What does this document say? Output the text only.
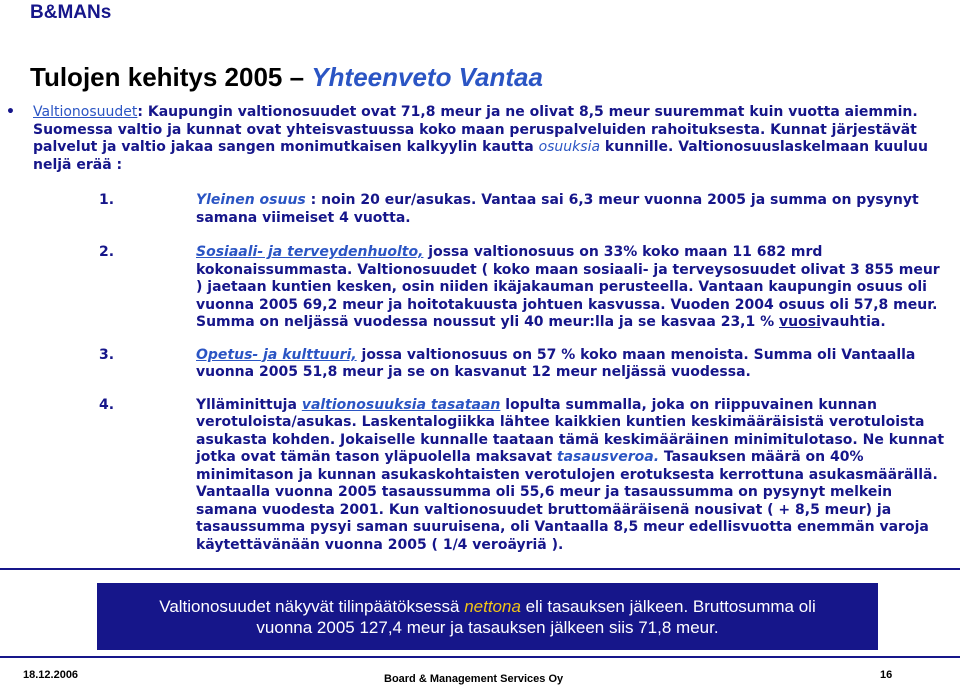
B&MANs
Tulojen kehitys 2005 – Yhteenveto Vantaa
• Valtionosuudet: Kaupungin valtionosuudet ovat 71,8 meur ja ne olivat 8,5 meur suuremmat kuin vuotta aiemmin. Suomessa valtio ja kunnat ovat yhteisvastuussa koko maan peruspalveluiden rahoituksesta. Kunnat järjestävät palvelut ja valtio jakaa sangen monimutkaisen kalkyylin kautta osuuksia kunnille. Valtionosuuslaskelmaan kuuluu neljä erää :

1.	Yleinen osuus : noin 20 eur/asukas. Vantaa sai 6,3 meur vuonna 2005 ja summa on pysynyt samana viimeiset 4 vuotta.

2.	Sosiaali- ja terveydenhuolto, jossa valtionosuus on 33% koko maan 11 682 mrd kokonaissummasta. Valtionosuudet ( koko maan sosiaali- ja terveysosuudet olivat 3 855 meur ) jaetaan kuntien kesken, osin niiden ikäjakauman perusteella. Vantaan kaupungin osuus oli vuonna 2005 69,2 meur ja hoitotakuusta johtuen kasvussa. Vuoden 2004 osuus oli 57,8 meur. Summa on neljässä vuodessa noussut yli 40 meur:lla ja se kasvaa 23,1 % vuosivauhtia.

3.	Opetus- ja kulttuuri, jossa valtionosuus on 57 % koko maan menoista. Summa oli Vantaalla vuonna 2005 51,8 meur ja se on kasvanut 12 meur neljässä vuodessa.

4.	Ylläminittuja valtionosuuksia tasataan lopulta summalla, joka on riippuvainen kunnan verotuloista/asukas. Laskentalogiikka lähtee kaikkien kuntien keskimääräisistä verotuloista asukasta kohden. Jokaiselle kunnalle taataan tämä keskimääräinen minimitulotaso. Ne kunnat jotka ovat tämän tason yläpuolella maksavat tasausveroa. Tasauksen määrä on 40% minimitason ja kunnan asukaskohtaisten verotulojen erotuksesta kerrottuna asukasmäärällä. Vantaalla vuonna 2005 tasaussumma oli 55,6 meur ja tasaussumma on pysynyt melkein samana vuodesta 2001. Kun valtionosuudet bruttomääräisenä nousivat ( + 8,5 meur) ja tasaussumma pysyi saman suuruisena, oli Vantaalla 8,5 meur edellisvuotta enemmän varoja käytettävänään vuonna 2005 ( 1/4 veroäyriä ).

Valtionosuudet näkyvät tilinpäätöksessä nettona eli tasauksen jälkeen. Bruttosumma oli
vuonna 2005 127,4 meur ja tasauksen jälkeen siis 71,8 meur.
18.12.2006	Board & Management Services Oy	16
